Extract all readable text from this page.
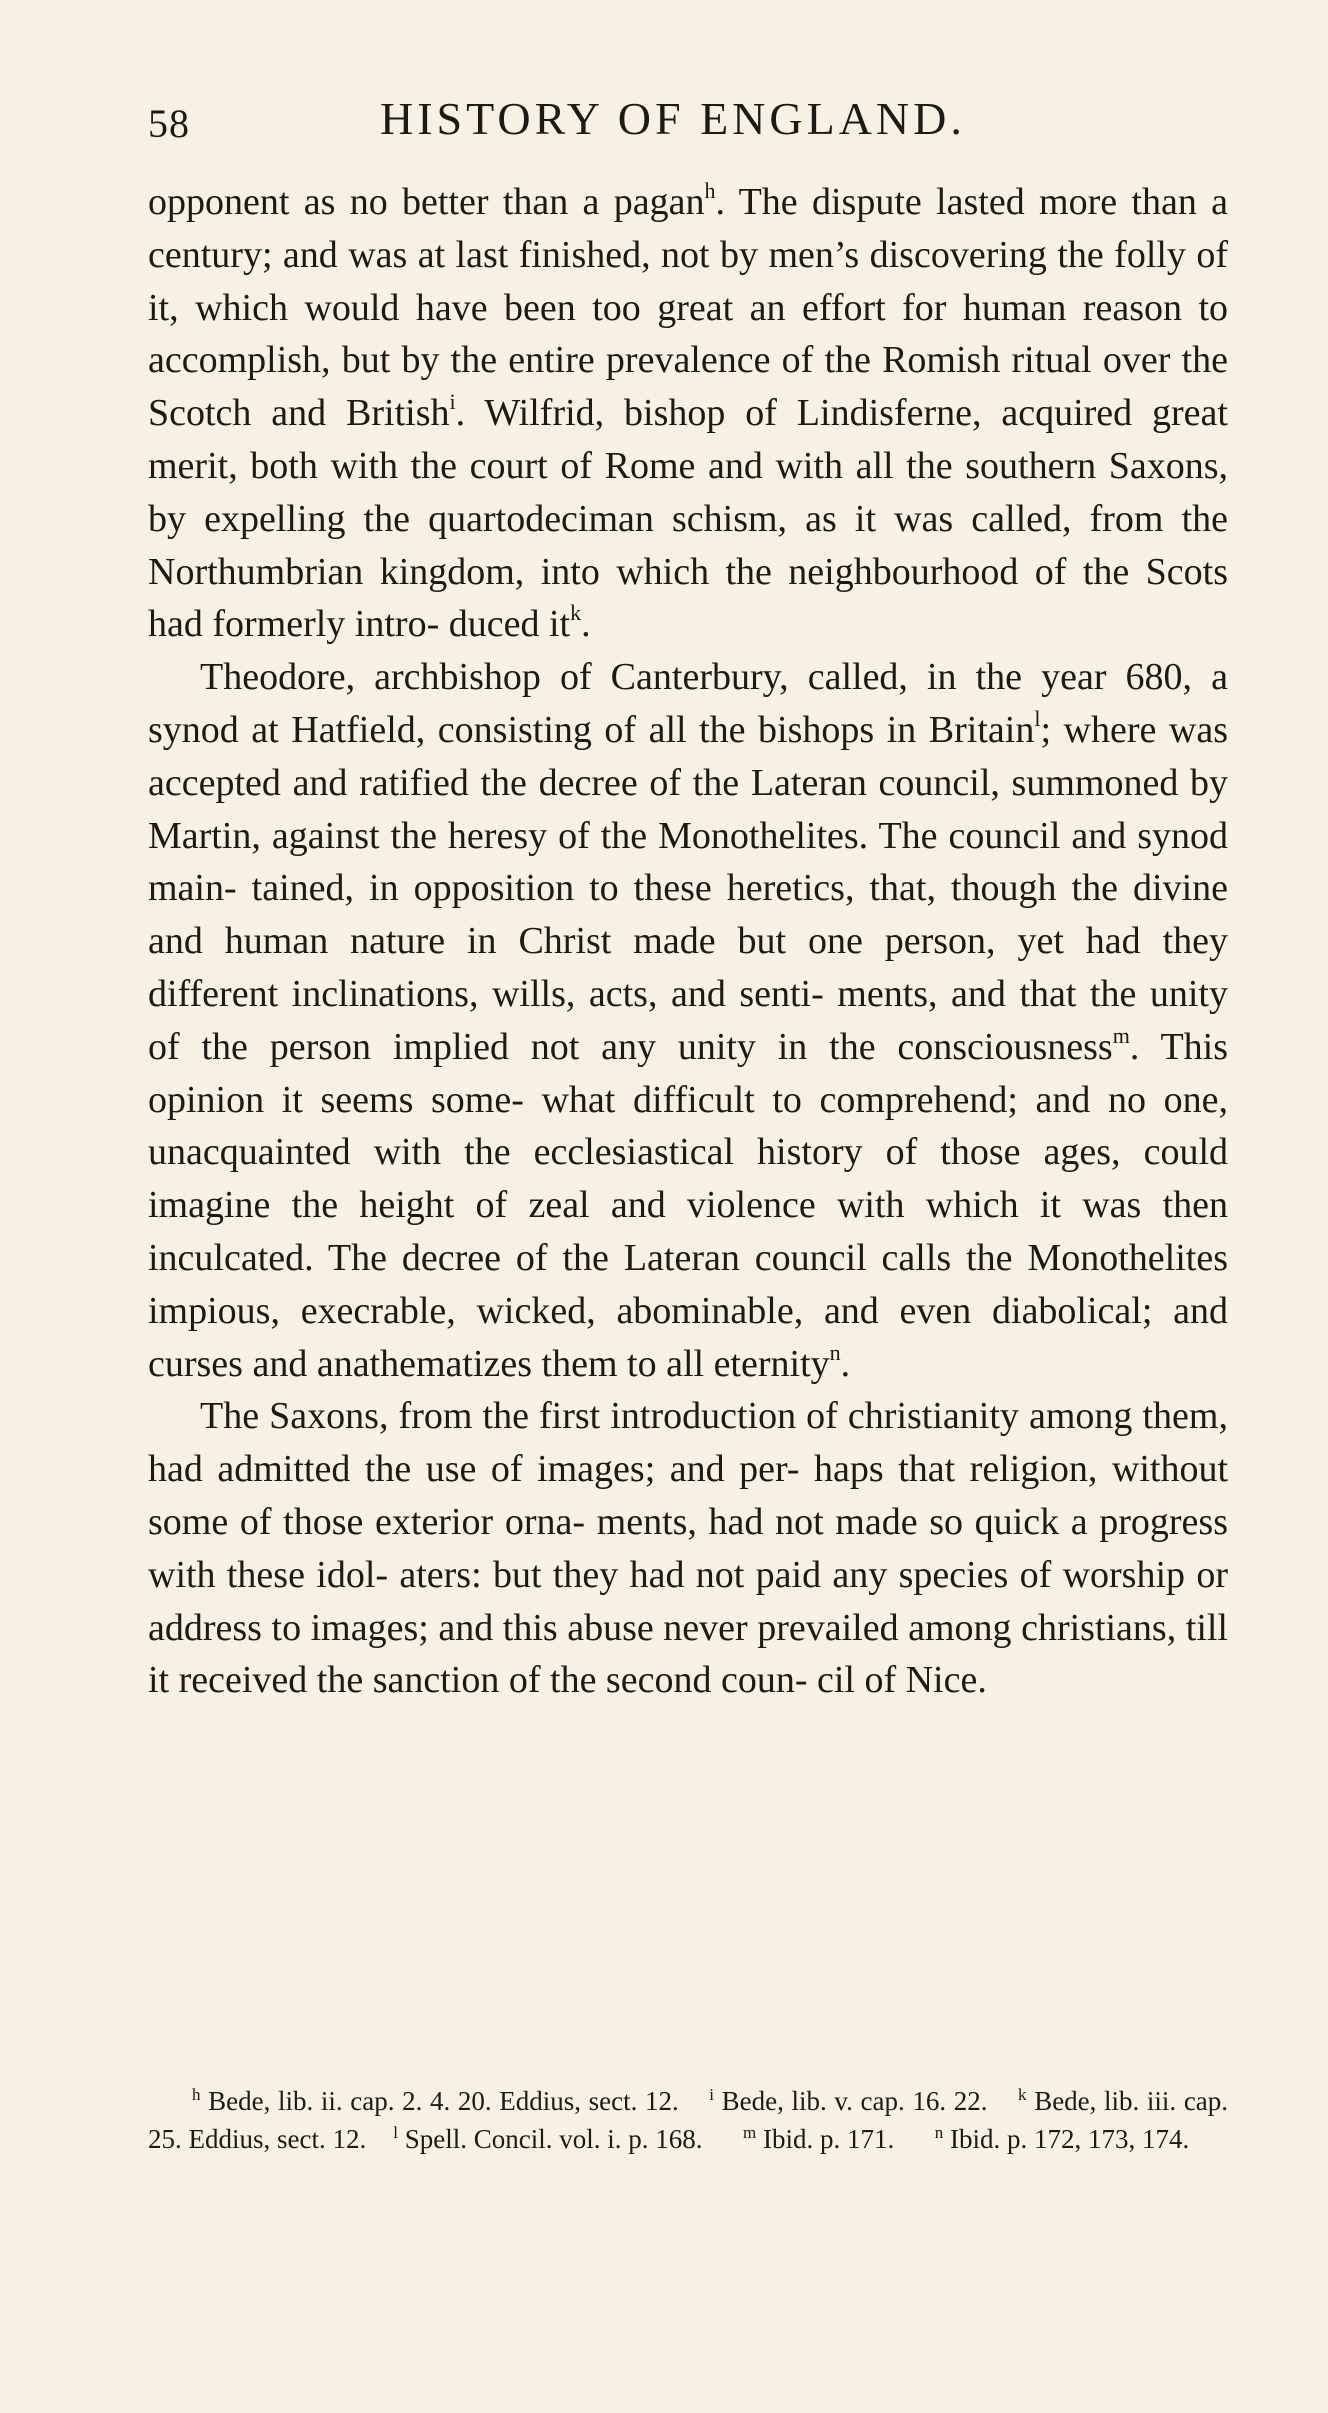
58	HISTORY OF ENGLAND.

opponent as no better than a pagan$^h$. The dispute lasted more than a century; and was at last finished, not by men’s discovering the folly of it, which would have been too great an effort for human reason to accomplish, but by the entire prevalence of the Romish ritual over the Scotch and British$^i$. Wilfrid, bishop of Lindisferne, acquired great merit, both with the court of Rome and with all the southern Saxons, by expelling the quartodeciman schism, as it was called, from the Northumbrian kingdom, into which the neighbourhood of the Scots had formerly intro- duced it$^k$.

Theodore, archbishop of Canterbury, called, in the year 680, a synod at Hatfield, consisting of all the bishops in Britain$^l$; where was accepted and ratified the decree of the Lateran council, summoned by Martin, against the heresy of the Monothelites. The council and synod main- tained, in opposition to these heretics, that, though the divine and human nature in Christ made but one person, yet had they different inclinations, wills, acts, and senti- ments, and that the unity of the person implied not any unity in the consciousness$^m$. This opinion it seems some- what difficult to comprehend; and no one, unacquainted with the ecclesiastical history of those ages, could imagine the height of zeal and violence with which it was then inculcated. The decree of the Lateran council calls the Monothelites impious, execrable, wicked, abominable, and even diabolical; and curses and anathematizes them to all eternity$^n$.

The Saxons, from the first introduction of christianity among them, had admitted the use of images; and per- haps that religion, without some of those exterior orna- ments, had not made so quick a progress with these idol- aters: but they had not paid any species of worship or address to images; and this abuse never prevailed among christians, till it received the sanction of the second coun- cil of Nice.

$^h$ Bede, lib. ii. cap. 2. 4. 20. Eddius, sect. 12. $^i$ Bede, lib. v. cap. 16. 22. $^k$ Bede, lib. iii. cap. 25. Eddius, sect. 12. $^l$ Spell. Concil. vol. i. p. 168. $^m$ Ibid. p. 171. $^n$ Ibid. p. 172, 173, 174.
